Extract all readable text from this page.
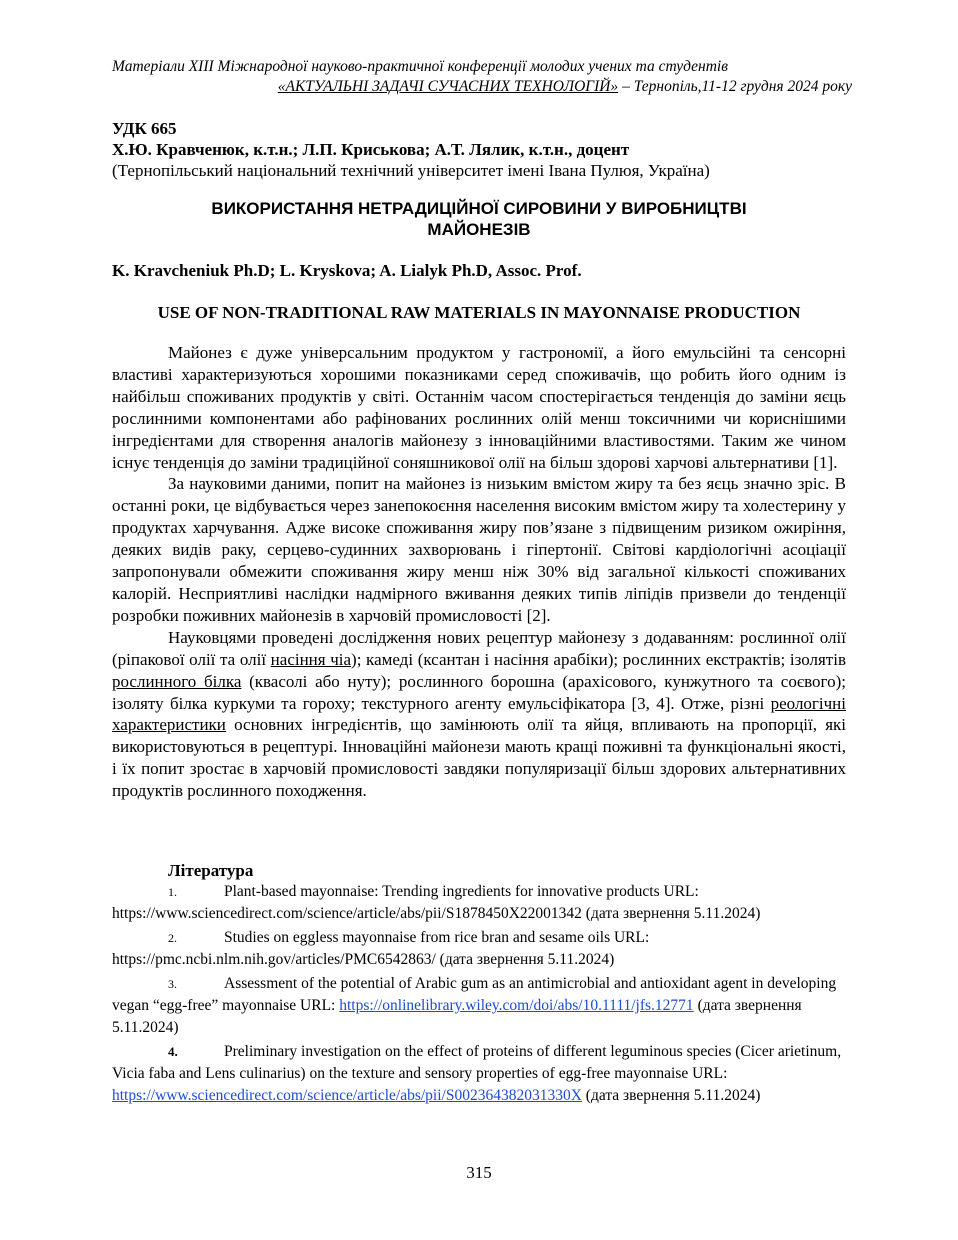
Матеріали XIII Міжнародної науково-практичної конференції молодих учених та студентів
«АКТУАЛЬНІ ЗАДАЧІ СУЧАСНИХ ТЕХНОЛОГІЙ» – Тернопіль,11-12 грудня 2024 року
УДК 665
Х.Ю. Кравченюк, к.т.н.; Л.П. Криськова; А.Т. Лялик, к.т.н., доцент
(Тернопільський національний технічний університет імені Івана Пулюя, Україна)
ВИКОРИСТАННЯ НЕТРАДИЦІЙНОЇ СИРОВИНИ У ВИРОБНИЦТВІ
МАЙОНЕЗІВ
K. Kravcheniuk Ph.D; L. Kryskova; A. Lialyk Ph.D, Assoc. Prof.
USE OF NON-TRADITIONAL RAW MATERIALS IN MAYONNAISE PRODUCTION

Майонез є дуже універсальним продуктом у гастрономії, а його емульсійні та сенсорні властиві характеризуються хорошими показниками серед споживачів, що робить його одним із найбільш споживаних продуктів у світі. Останнім часом спостерігається тенденція до заміни яєць рослинними компонентами або рафінованих рослинних олій менш токсичними чи кориснішими інгредієнтами для створення аналогів майонезу з інноваційними властивостями. Таким же чином існує тенденція до заміни традиційної соняшникової олії на більш здорові харчові альтернативи [1].

За науковими даними, попит на майонез із низьким вмістом жиру та без яєць значно зріс. В останні роки, це відбувається через занепокоєння населення високим вмістом жиру та холестерину у продуктах харчування. Адже високе споживання жиру пов’язане з підвищеним ризиком ожиріння, деяких видів раку, серцево-судинних захворювань і гіпертонії. Світові кардіологічні асоціації запропонували обмежити споживання жиру менш ніж 30% від загальної кількості споживаних калорій. Несприятливі наслідки надмірного вживання деяких типів ліпідів призвели до тенденції розробки поживних майонезів в харчовій промисловості [2].

Науковцями проведені дослідження нових рецептур майонезу з додаванням: рослинної олії (ріпакової олії та олії насіння чіа); камеді (ксантан і насіння арабіки); рослинних екстрактів; ізолятів рослинного білка (квасолі або нуту); рослинного борошна (арахісового, кунжутного та соєвого); ізоляту білка куркуми та гороху; текстурного агенту емульсіфікатора [3, 4]. Отже, різні реологічні характеристики основних інгредієнтів, що замінюють олії та яйця, впливають на пропорції, які використовуються в рецептурі. Інноваційні майонези мають кращі поживні та функціональні якості, і їх попит зростає в харчовій промисловості завдяки популяризації більш здорових альтернативних продуктів рослинного походження.

Література
1.	Plant-based mayonnaise: Trending ingredients for innovative products URL: https://www.sciencedirect.com/science/article/abs/pii/S1878450X22001342 (дата звернення 5.11.2024)
2.	Studies on eggless mayonnaise from rice bran and sesame oils URL: https://pmc.ncbi.nlm.nih.gov/articles/PMC6542863/ (дата звернення 5.11.2024)
3.	Assessment of the potential of Arabic gum as an antimicrobial and antioxidant agent in developing vegan “egg-free” mayonnaise URL: https://onlinelibrary.wiley.com/doi/abs/10.1111/jfs.12771 (дата звернення 5.11.2024)
4.	Preliminary investigation on the effect of proteins of different leguminous species (Cicer arietinum, Vicia faba and Lens culinarius) on the texture and sensory properties of egg-free mayonnaise URL: https://www.sciencedirect.com/science/article/abs/pii/S002364382031330X (дата звернення 5.11.2024)
315
